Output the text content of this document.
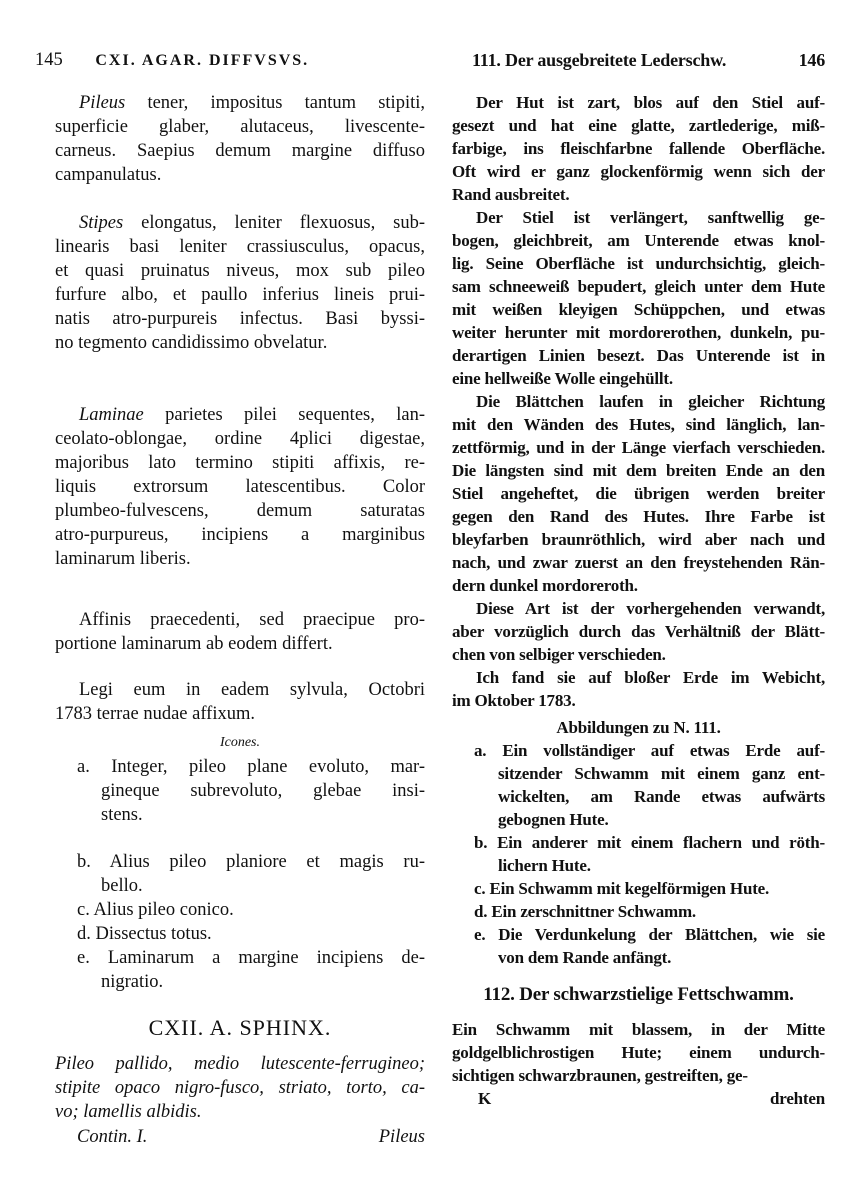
145 CXI. AGAR. DIFFVSVS.
Pileus tener, impositus tantum stipiti,
superficie glaber, alutaceus, livescente-
carneus. Saepius demum margine diffuso
campanulatus.
Stipes elongatus, leniter flexuosus, sub-
linearis basi leniter crassiusculus, opacus,
et quasi pruinatus niveus, mox sub pileo
furfure albo, et paullo inferius lineis prui-
natis atro-purpureis infectus. Basi byssi-
no tegmento candidissimo obvelatur.
Laminae parietes pilei sequentes, lan-
ceolato-oblongae, ordine 4plici digestae,
majoribus lato termino stipiti affixis, re-
liquis extrorsum latescentibus. Color
plumbeo-fulvescens, demum saturatas
atro-purpureus, incipiens a marginibus
laminarum liberis.
Affinis praecedenti, sed praecipue pro-
portione laminarum ab eodem differt.
Legi eum in eadem sylvula, Octobri
1783 terrae nudae affixum.
Icones.
a. Integer, pileo plane evoluto, mar-
gineque subrevoluto, glebae insi-
stens.
b. Alius pileo planiore et magis ru-
bello.
c. Alius pileo conico.
d. Dissectus totus.
e. Laminarum a margine incipiens de-
nigratio.
CXII. A. SPHINX.
Pileo pallido, medio lutescente-ferrugineo;
stipite opaco nigro-fusco, striato, torto, ca-
vo; lamellis albidis.
Contin. I.	Pileus
111. Der ausgebreitete Lederschw.	146
Der Hut ist zart, blos auf den Stiel auf-
gesezt und hat eine glatte, zartlederige, miß-
farbige, ins fleischfarbne fallende Oberfläche.
Oft wird er ganz glockenförmig wenn sich der
Rand ausbreitet.
Der Stiel ist verlängert, sanftwellig ge-
bogen, gleichbreit, am Unterende etwas knol-
lig. Seine Oberfläche ist undurchsichtig, gleich-
sam schneeweiß bepudert, gleich unter dem Hute
mit weißen kleyigen Schüppchen, und etwas
weiter herunter mit mordorerothen, dunkeln, pu-
derartigen Linien besezt. Das Unterende ist in
eine hellweiße Wolle eingehüllt.
Die Blättchen laufen in gleicher Richtung
mit den Wänden des Hutes, sind länglich, lan-
zettförmig, und in der Länge vierfach verschieden.
Die längsten sind mit dem breiten Ende an den
Stiel angeheftet, die übrigen werden breiter
gegen den Rand des Hutes. Ihre Farbe ist
bleyfarben braunröthlich, wird aber nach und
nach, und zwar zuerst an den freystehenden Rän-
dern dunkel mordoreroth.
Diese Art ist der vorhergehenden verwandt,
aber vorzüglich durch das Verhältniß der Blätt-
chen von selbiger verschieden.
Ich fand sie auf bloßer Erde im Webicht,
im Oktober 1783.
Abbildungen zu N. 111.
a. Ein vollständiger auf etwas Erde auf-
sitzender Schwamm mit einem ganz ent-
wickelten, am Rande etwas aufwärts
gebognen Hute.
b. Ein anderer mit einem flachern und röth-
lichern Hute.
c. Ein Schwamm mit kegelförmigen Hute.
d. Ein zerschnittner Schwamm.
e. Die Verdunkelung der Blättchen, wie sie
von dem Rande anfängt.
112. Der schwarzstielige Fettschwamm.
Ein Schwamm mit blassem, in der Mitte
goldgelblichrostigen Hute; einem undurch-
sichtigen schwarzbraunen, gestreiften, ge-
K	drehten
